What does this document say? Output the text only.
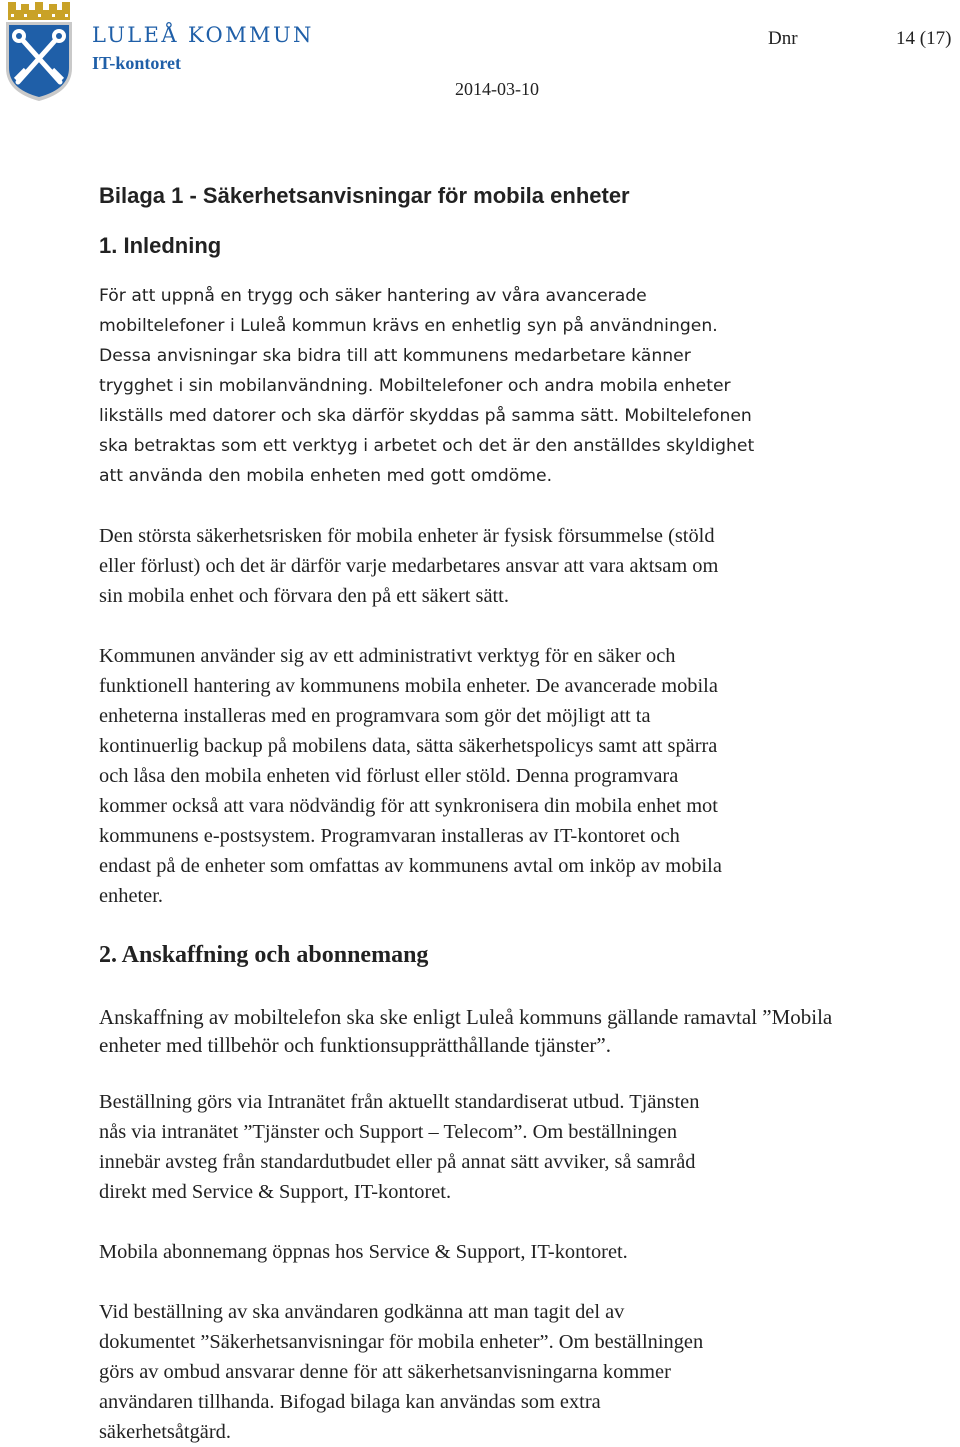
LULEÅ KOMMUN
IT-kontoret
Dnr	14 (17)
2014-03-10
Bilaga 1 - Säkerhetsanvisningar för mobila enheter
1. Inledning

För att uppnå en trygg och säker hantering av våra avancerade
mobiltelefoner i Luleå kommun krävs en enhetlig syn på användningen.
Dessa anvisningar ska bidra till att kommunens medarbetare känner
trygghet i sin mobilanvändning. Mobiltelefoner och andra mobila enheter
likställs med datorer och ska därför skyddas på samma sätt. Mobiltelefonen
ska betraktas som ett verktyg i arbetet och det är den anställdes skyldighet
att använda den mobila enheten med gott omdöme.

Den största säkerhetsrisken för mobila enheter är fysisk försummelse (stöld
eller förlust) och det är därför varje medarbetares ansvar att vara aktsam om
sin mobila enhet och förvara den på ett säkert sätt.

Kommunen använder sig av ett administrativt verktyg för en säker och
funktionell hantering av kommunens mobila enheter. De avancerade mobila
enheterna installeras med en programvara som gör det möjligt att ta
kontinuerlig backup på mobilens data, sätta säkerhetspolicys samt att spärra
och låsa den mobila enheten vid förlust eller stöld. Denna programvara
kommer också att vara nödvändig för att synkronisera din mobila enhet mot
kommunens e-postsystem. Programvaran installeras av IT-kontoret och
endast på de enheter som omfattas av kommunens avtal om inköp av mobila
enheter.

2. Anskaffning och abonnemang

Anskaffning av mobiltelefon ska ske enligt Luleå kommuns gällande ramavtal ”Mobila
enheter med tillbehör och funktionsupprätthållande tjänster”.

Beställning görs via Intranätet från aktuellt standardiserat utbud. Tjänsten
nås via intranätet ”Tjänster och Support – Telecom”. Om beställningen
innebär avsteg från standardutbudet eller på annat sätt avviker, så samråd
direkt med Service & Support, IT-kontoret.

Mobila abonnemang öppnas hos Service & Support, IT-kontoret.

Vid beställning av ska användaren godkänna att man tagit del av
dokumentet ”Säkerhetsanvisningar för mobila enheter”. Om beställningen
görs av ombud ansvarar denne för att säkerhetsanvisningarna kommer
användaren tillhanda. Bifogad bilaga kan användas som extra
säkerhetsåtgärd.
